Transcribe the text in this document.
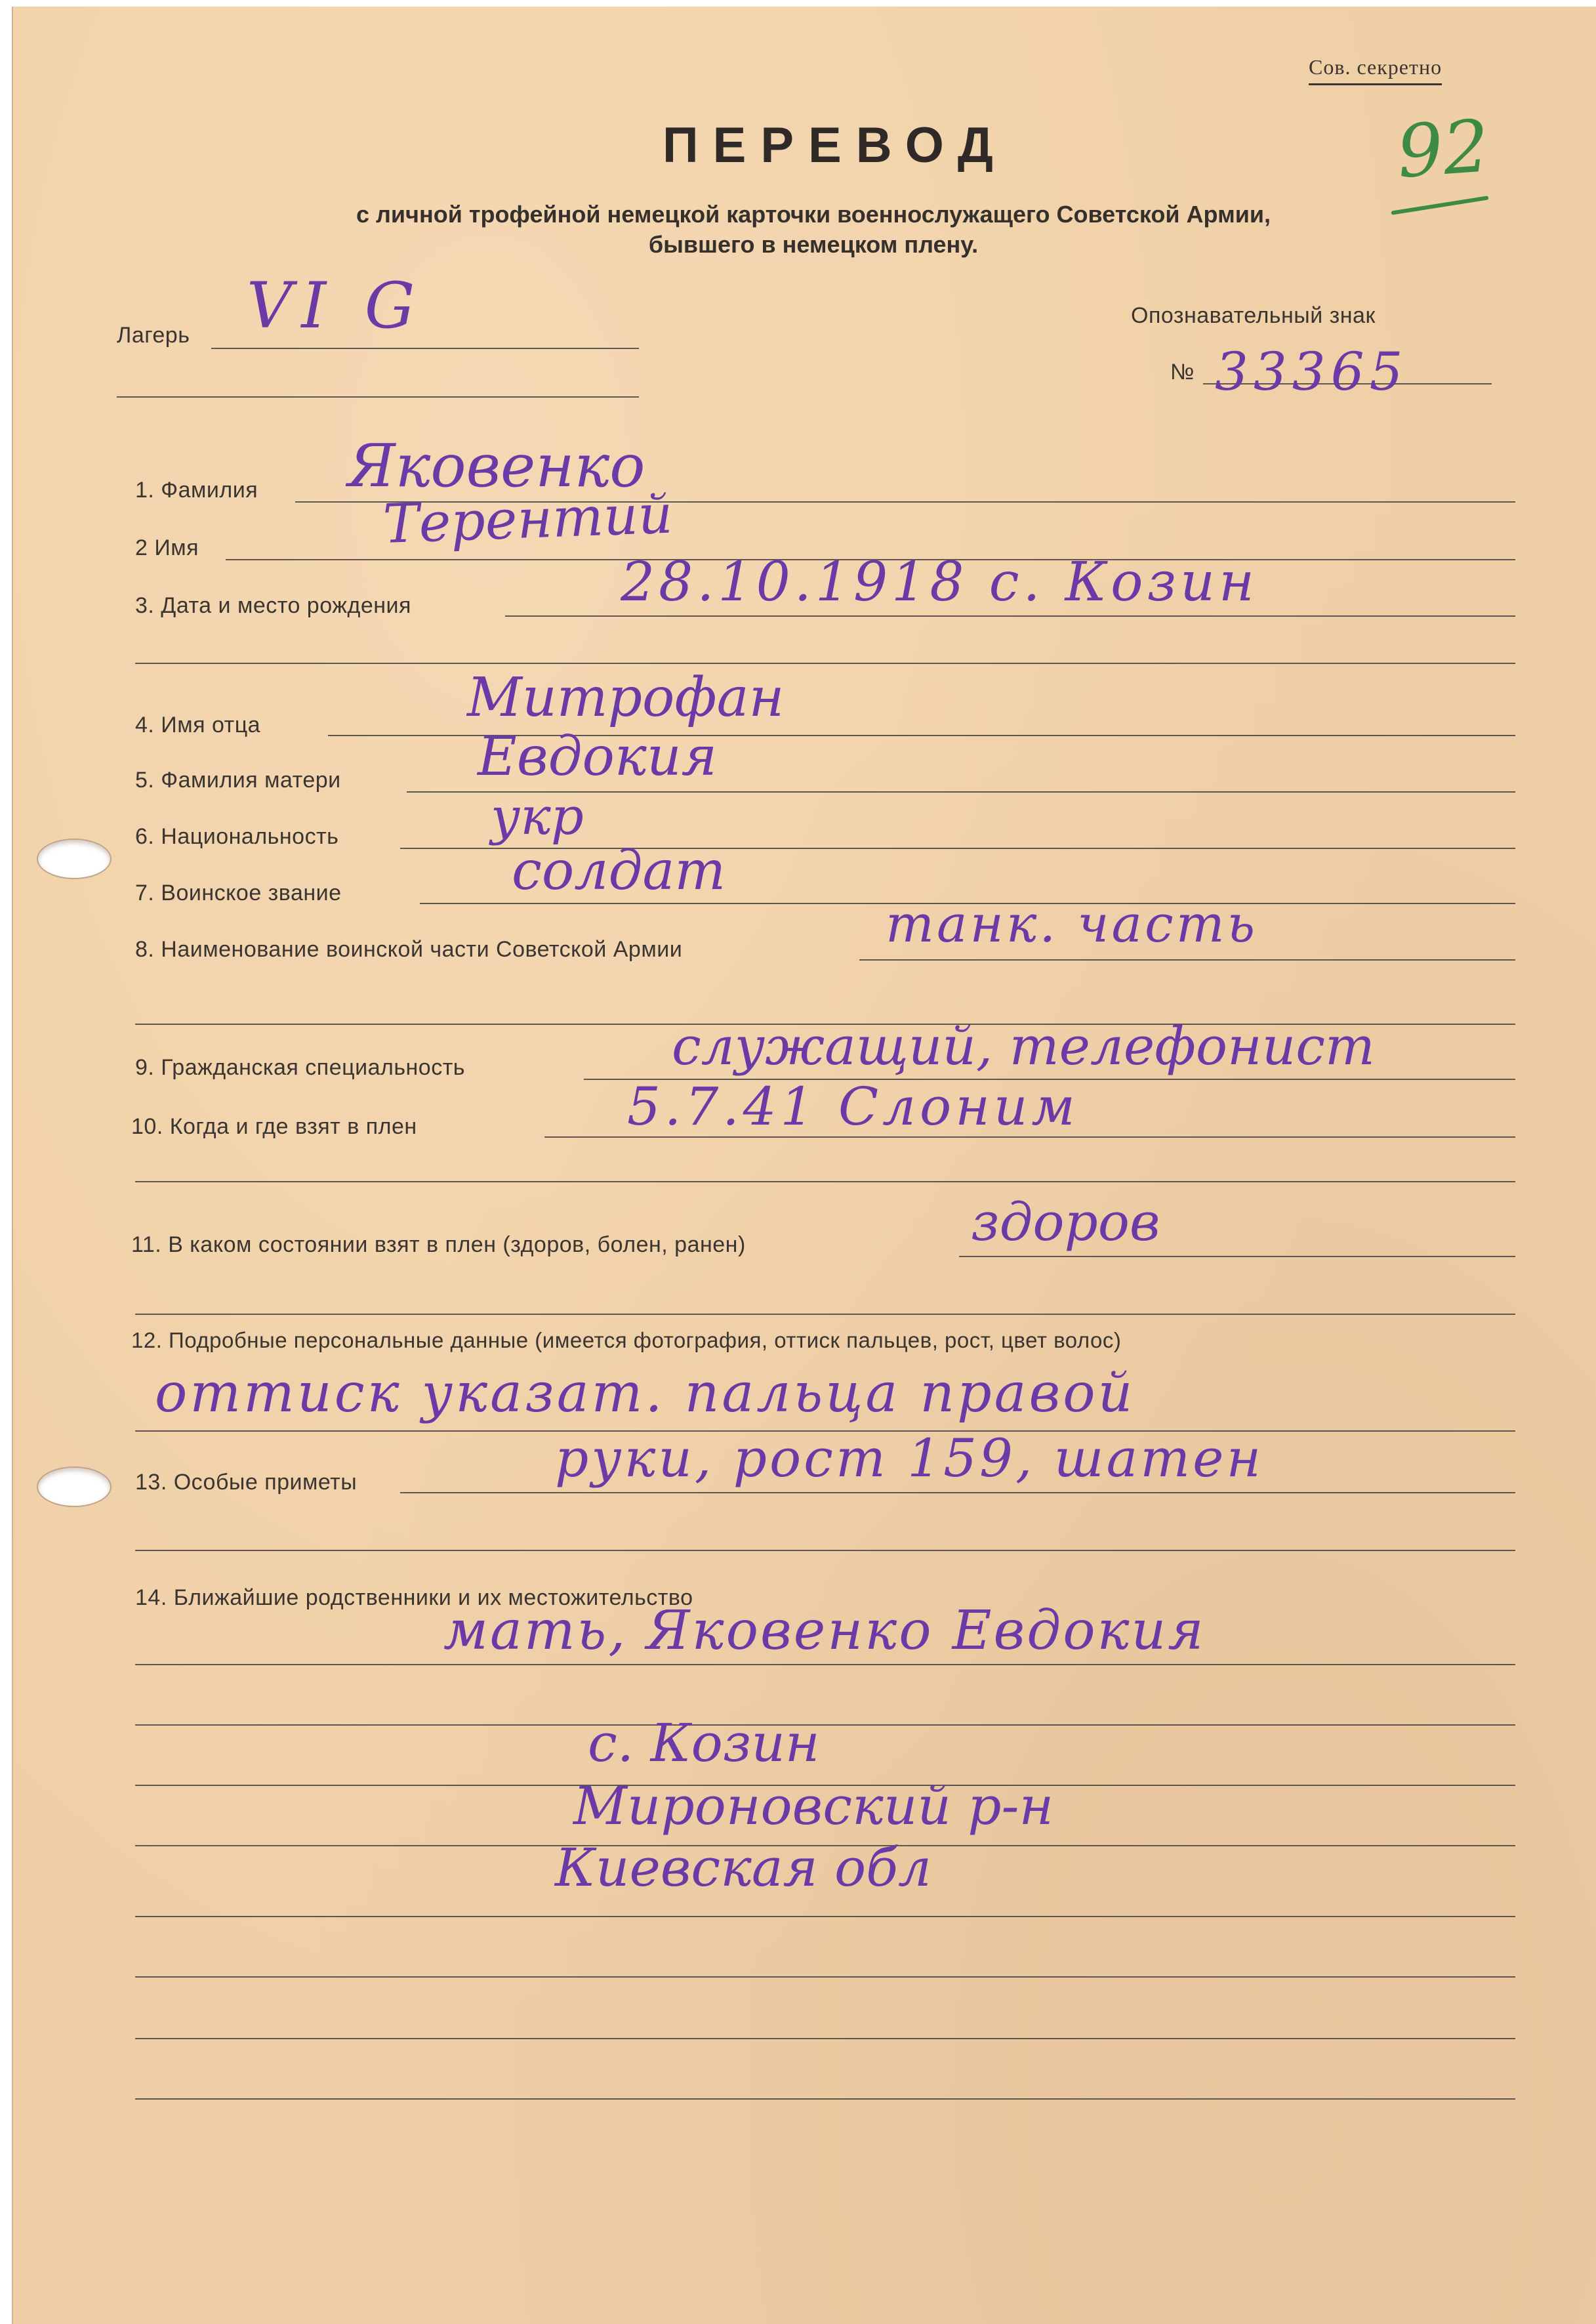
Сов. секретно
92
ПЕРЕВОД
с личной трофейной немецкой карточки военнослужащего Советской Армии,
бывшего в немецком плену.
Лагерь VI G	Опознавательный знак
№ 33365
1. Фамилия Яковенко
2 Имя	Терентий
3. Дата и место рождения	28.10.1918 с. Козин
4. Имя отца	Митрофан
5. Фамилия матери	Евдокия
6. Национальность	укр
7. Воинское звание	солдат
8. Наименование воинской части Советской Армии	танк. часть
9. Гражданская специальность	служащий, телефонист
10. Когда и где взят в плен	5.7.41 Слоним
11. В каком состоянии взят в плен (здоров, болен, ранен)	здоров
12. Подробные персональные данные (имеется фотография, оттиск пальцев, рост, цвет волос)
оттиск указат. пальца правой
13. Особые приметы	руки, рост 159, шатен
14. Ближайшие родственники и их местожительство
мать, Яковенко Евдокия
с. Козин
Мироновский р-н
Киевская обл
